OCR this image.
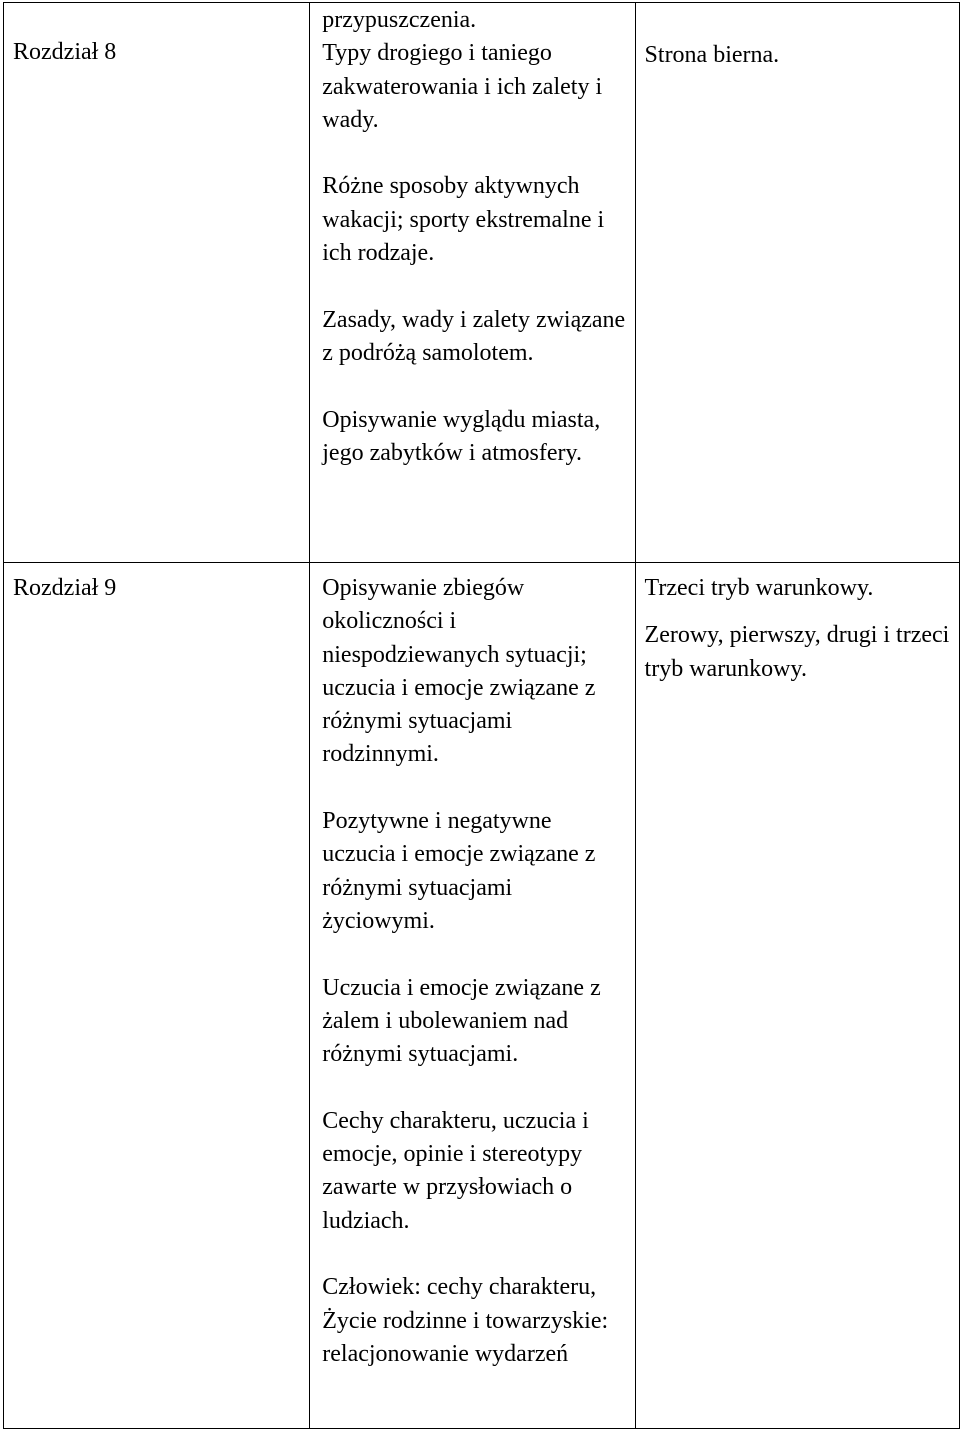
Rozdział 8	przypuszczenia.
Typy drogiego i taniego zakwaterowania i ich zalety i wady.
Różne sposoby aktywnych wakacji; sporty ekstremalne i ich rodzaje.
Zasady, wady i zalety związane z podróżą samolotem.
Opisywanie wyglądu miasta, jego zabytków i atmosfery.	Strona bierna.

Rozdział 9	Opisywanie zbiegów okoliczności i niespodziewanych sytuacji; uczucia i emocje związane z różnymi sytuacjami rodzinnymi.
Pozytywne i negatywne uczucia i emocje związane z różnymi sytuacjami życiowymi.
Uczucia i emocje związane z żalem i ubolewaniem nad różnymi sytuacjami.
Cechy charakteru, uczucia i emocje, opinie i stereotypy zawarte w przysłowiach o ludziach.
Człowiek: cechy charakteru, Życie rodzinne i towarzyskie: relacjonowanie wydarzeń	Trzeci tryb warunkowy.
Zerowy, pierwszy, drugi i trzeci tryb warunkowy.
